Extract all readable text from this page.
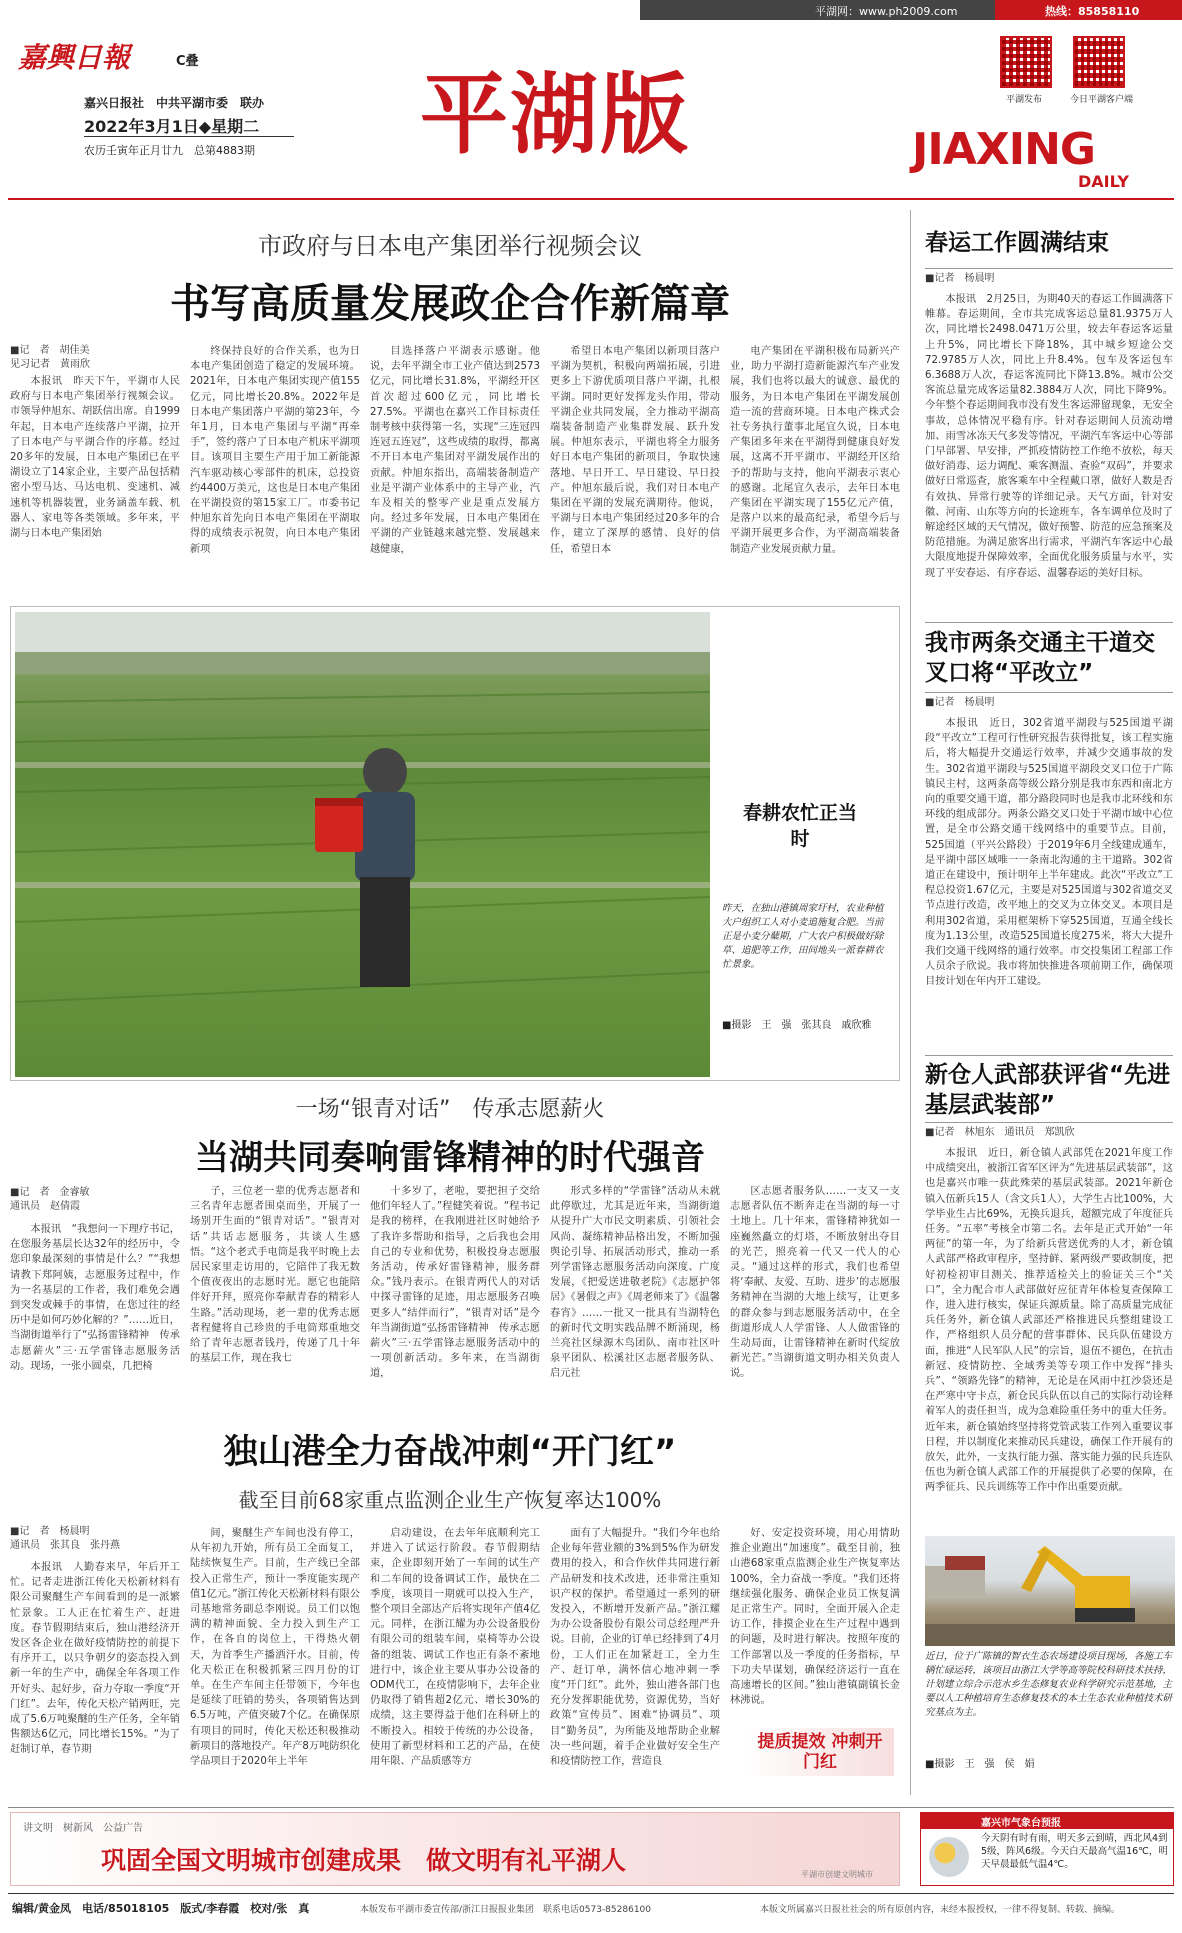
平湖网：www.ph2009.com	热线：85858110
嘉興日報	C叠
嘉兴日报社　中共平湖市委　联办
2022年3月1日◆星期二
农历壬寅年正月廿九　总第4883期 平湖版	平湖发布	今日平湖客户端
JIAXING
DAILY
市政府与日本电产集团举行视频会议
书写高质量发展政企合作新篇章
■记　者　胡佳美
见习记者　黄雨欣

本报讯　昨天下午，平湖市人民政府与日本电产集团举行视频会议。市领导仲旭东、胡跃信出席。自1999年起，日本电产连续落户平湖，拉开了日本电产与平湖合作的序幕。经过20多年的发展，日本电产集团已在平湖设立了14家企业，主要产品包括精密小型马达、马达电机、变速机、减速机等机器装置，业务涵盖车载、机器人、家电等各类领域。多年来，平湖与日本电产集团始

终保持良好的合作关系，也为日本电产集团创造了稳定的发展环境。2021年，日本电产集团实现产值155亿元，同比增长20.8%。2022年是日本电产集团落户平湖的第23年，今年1月，日本电产集团与平湖“再牵手”，签约落户了日本电产机床平湖项目。该项目主要生产用于加工新能源汽车驱动核心零部件的机床，总投资约4400万美元，这也是日本电产集团在平湖投资的第15家工厂。市委书记仲旭东首先向日本电产集团在平湖取得的成绩表示祝贺，向日本电产集团新项

目选择落户平湖表示感谢。他说，去年平湖全市工业产值达到2573亿元，同比增长31.8%，平湖经开区首次超过600亿元，同比增长27.5%。平湖也在嘉兴工作目标责任制考核中获得第一名，实现“三连冠四连冠五连冠”，这些成绩的取得，都离不开日本电产集团对平湖发展作出的贡献。仲旭东指出，高端装备制造产业是平湖产业体系中的主导产业，汽车及相关的整零产业是重点发展方向。经过多年发展，日本电产集团在平湖的产业链越来越完整、发展越来越健康，

希望日本电产集团以新项目落户平湖为契机，积极向两端拓展，引进更多上下游优质项目落户平湖，扎根平湖。同时更好发挥龙头作用，带动平湖企业共同发展，全力推动平湖高端装备制造产业集群发展、跃升发展。仲旭东表示，平湖也将全力服务好日本电产集团的新项目，争取快速落地、早日开工、早日建设、早日投产。仲旭东最后说，我们对日本电产集团在平湖的发展充满期待。他说，平湖与日本电产集团经过20多年的合作，建立了深厚的感情、良好的信任，希望日本

电产集团在平湖积极布局新兴产业，助力平湖打造新能源汽车产业发展，我们也将以最大的诚意、最优的服务，为日本电产集团在平湖发展创造一流的营商环境。日本电产株式会社专务执行董事北尾宜久说，日本电产集团多年来在平湖得到健康良好发展，这离不开平湖市、平湖经开区给予的帮助与支持，他向平湖表示衷心的感谢。北尾宜久表示，去年日本电产集团在平湖实现了155亿元产值，是落户以来的最高纪录，希望今后与平湖开展更多合作，为平湖高端装备制造产业发展贡献力量。

春耕农忙正当时
昨天，在独山港镇周家圩村，农业种植大户组织工人对小麦追施复合肥。当前正是小麦分蘖期，广大农户积极做好除草、追肥等工作，田间地头一派春耕农忙景象。
■摄影　王　强　张其良　戚欣雅
一场“银青对话”　传承志愿薪火
当湖共同奏响雷锋精神的时代强音
■记　者　金睿敏
通讯员　赵倩霞

本报讯　“我想问一下理疗书记，在您服务基层长达32年的经历中，令您印象最深刻的事情是什么？”“我想请教下郑阿姨，志愿服务过程中，作为一名基层的工作者，我们难免会遇到突发或棘手的事情，在您过往的经历中是如何巧妙化解的？”……近日，当湖街道举行了“弘扬雷锋精神　传承志愿薪火”三·五学雷锋志愿服务活动。现场，一张小圆桌，几把椅

子，三位老一辈的优秀志愿者和三名青年志愿者围桌而坐，开展了一场别开生面的“银青对话”。“银青对话”共话志愿服务，共谈人生感悟。“这个老式手电筒是我平时晚上去居民家里走访用的，它陪伴了我无数个值夜夜出的志愿时光。愿它也能陪伴好开拜，照亮你奉献青春的精彩人生路。”活动现场，老一辈的优秀志愿者程健将自己珍贵的手电筒郑重地交给了青年志愿者钱丹，传递了几十年的基层工作，现在我七

十多岁了，老啦，要把担子交给他们年轻人了。”程健笑着说。“程书记是我的榜样，在我刚进社区时她给予了我许多帮助和指导，之后我也会用自己的专业和优势，积极投身志愿服务活动，传承好雷锋精神，服务群众。”钱丹表示。在银青两代人的对话中探寻雷锋的足迹，用志愿服务召唤更多人“结伴而行”，“银青对话”是今年当湖街道“弘扬雷锋精神　传承志愿薪火”三·五学雷锋志愿服务活动中的一项创新活动。多年来，在当湖街道，

形式多样的“学雷锋”活动从未就此停歇过，尤其是近年来，当湖街道从提升广大市民文明素质、引领社会风尚、凝练精神品格出发，不断加强舆论引导、拓展活动形式，推动一系列学雷锋志愿服务活动向深度、广度发展，《把爱送进敬老院》《志愿护邻居》《暑假之声》《周老师来了》《温馨春宵》……一批又一批具有当湖特色的新时代文明实践品牌不断涌现，杨兰亮社区绿源木鸟团队、南市社区叶泉平团队、松溪社区志愿者服务队、启元社

区志愿者服务队……一支又一支志愿者队伍不断奔走在当湖的每一寸土地上。几十年来，雷锋精神犹如一座巍然矗立的灯塔，不断放射出夺目的光芒，照亮着一代又一代人的心灵。“通过这样的形式，我们也希望将‘奉献、友爱、互助、进步’的志愿服务精神在当湖的大地上续写，让更多的群众参与到志愿服务活动中，在全街道形成人人学雷锋、人人做雷锋的生动局面，让雷锋精神在新时代绽放新光芒。”当湖街道文明办相关负责人说。

独山港全力奋战冲刺“开门红”
截至目前68家重点监测企业生产恢复率达100%
■记　者　杨晨明
通讯员　张其良　张丹燕

本报讯　人勤春来早，年后开工忙。记者走进浙江传化天松新材料有限公司聚醚生产车间看到的是一派繁忙景象。工人正在忙着生产、赶进度。春节假期结束后，独山港经济开发区各企业在做好疫情防控的前提下有序开工，以只争朝夕的姿态投入到新一年的生产中，确保全年各项工作开好头、起好步，奋力夺取一季度“开门红”。去年，传化天松产销两旺，完成了5.6万吨聚醚的生产任务，全年销售额达6亿元，同比增长15%。“为了赶制订单，春节期

间，聚醚生产车间也没有停工，从年初九开始，所有员工全面复工，陆续恢复生产。目前，生产线已全部投入正常生产，预计一季度能实现产值1亿元。”浙江传化天松新材料有限公司基地常务副总李刚说。员工们以饱满的精神面貌、全力投入到生产工作，在各自的岗位上，干得热火朝天，为首季生产播洒汗水。目前，传化天松正在积极抓紧三四月份的订单。在生产车间主任带领下，今年也是延续了旺销的势头，各项销售达到6.5万吨，产值突破7个亿。在确保原有项目的同时，传化天松还积极推动新项目的落地投产。年产8万吨防织化学品项目于2020年上半年

启动建设，在去年年底顺利完工并进入了试运行阶段。春节假期结束，企业即刻开始了一车间的试生产和二车间的设备调试工作，最快在二季度，该项目一期就可以投入生产，整个项目全部达产后将实现年产值4亿元。同样，在浙江耀为办公设备股份有限公司的组装车间，桌椅等办公设备的组装、调试工作也正有条不紊地进行中，该企业主要从事办公设备的ODM代工，在疫情影响下，去年企业仍取得了销售超2亿元、增长30%的成绩，这主要得益于他们在科研上的不断投入。相较于传统的办公设备，使用了新型材料和工艺的产品，在使用年限、产品质感等方

面有了大幅提升。“我们今年也给企业每年营业额的3%到5%作为研发费用的投入，和合作伙伴共同进行新产品研发和技术改进，还非常注重知识产权的保护。希望通过一系列的研发投入，不断增开发新产品。”浙江耀为办公设备股份有限公司总经理严升说。目前，企业的订单已经排到了4月份，工人们正在加紧赶工，全力生产、赶订单，满怀信心地冲刺一季度“开门红”。此外，独山港各部门也充分发挥职能优势，资源优势，当好政策“宣传员”、困难“协调员”、项目“勤务员”，为所能及地帮助企业解决一些问题，着手企业做好安全生产和疫情防控工作，营造良

好、安定投资环境，用心用情助推企业跑出“加速度”。截至目前，独山港68家重点监测企业生产恢复率达100%，全力奋战一季度。“我们还将继续强化服务、确保企业员工恢复满足正常生产。同时，全面开展入企走访工作，排摸企业在生产过程中遇到的问题，及时进行解决。按照年度的工作部署以及一季度的任务指标，早下功夫早谋划，确保经济运行一直在高速增长的区间。”独山港镇副镇长金林沸说。

提质提效 冲刺开门红
春运工作圆满结束
■记者　杨晨明

本报讯　2月25日，为期40天的春运工作圆满落下帷幕。春运期间，全市共完成客运总量81.9375万人次，同比增长2498.0471万公里，较去年春运客运量上升5%，同比增长下降18%，其中城乡短途公交72.9785万人次，同比上升8.4%。包车及客运包车6.3688万人次，春运客流同比下降13.8%。城市公交客流总量完成客运量82.3884万人次，同比下降9%。今年整个春运期间我市没有发生客运滞留现象，无安全事故，总体情况平稳有序。针对春运期间人员流动增加、雨雪冰冻天气多发等情况，平湖汽车客运中心等部门早部署、早安排，严抓疫情防控工作绝不放松，每天做好消毒、运力调配、乘客测温、查验“双码”，并要求做好日常巡查，旅客乘车中全程戴口罩，做好人数是否有效执、异常行驶等的详细记录。天气方面，针对安徽、河南、山东等方向的长途班车，各车调单位及时了解途经区域的天气情况，做好预警、防范的应急预案及防范措施。为满足旅客出行需求，平湖汽车客运中心最大限度地提升保障效率，全面优化服务质量与水平，实现了平安春运、有序春运、温馨春运的美好目标。

我市两条交通主干道交叉口将“平改立”
■记者　杨晨明

本报讯　近日，302省道平湖段与525国道平湖段“平改立”工程可行性研究报告获得批复，该工程实施后，将大幅提升交通运行效率，并减少交通事故的发生。302省道平湖段与525国道平湖段交叉口位于广陈镇民主村，这两条高等级公路分别是我市东西和南北方向的重要交通干道，都分路段同时也是我市北环线和东环线的组成部分。两条公路交叉口处于平湖市域中心位置，是全市公路交通干线网络中的重要节点。目前，525国道（平兴公路段）于2019年6月全线建成通车，是平湖中部区域唯一一条南北沟通的主干道路。302省道正在建设中，预计明年上半年建成。此次“平改立”工程总投资1.67亿元，主要是对525国道与302省道交叉节点进行改造，改平地上的交叉为立体交叉。本项目是利用302省道，采用框架桥下穿525国道，互通全线长度为1.13公里，改造525国道长度275米，将大大提升我们交通干线网络的通行效率。市交投集团工程部工作人员余子欣说。我市将加快推进各项前期工作，确保项目按计划在年内开工建设。

新仓人武部获评省“先进基层武装部”
■记者　林旭东　通讯员　郑凯欣

本报讯　近日，新仓镇人武部凭在2021年度工作中成绩突出，被浙江省军区评为“先进基层武装部”，这也是嘉兴市唯一获此殊荣的基层武装部。2021年新仓镇入伍新兵15人（含文兵1人），大学生占比100%，大学毕业生占比69%，无换兵退兵，超额完成了年度征兵任务。“五率”考核全市第二名。去年是正式开始“一年两征”的第一年，为了给新兵营送优秀的人才，新仓镇人武部严格政审程序，坚持鲜、紧两级严要政制度，把好初检初审目测关、推荐适检关上的验证关三个“关口”，全力配合市人武部做好应征青年体检复查保障工作，进入进行核实，保证兵源质量。除了高质量完成征兵任务外，新仓镇人武部还严格推进民兵整组建设工作，严格组织人员分配的营事群体、民兵队伍建设方面，推进“人民军队人民”的宗旨，退伍不褪色，在抗击新冠、疫情防控、全域秀美等专项工作中发挥“排头兵”、“领路先锋”的精神，无论是在风雨中扛沙袋还是在严寒中守卡点，新仓民兵队伍以自己的实际行动诠释着军人的责任担当，成为急难险重任务中的重大任务。近年来，新仓镇始终坚持将党管武装工作列入重要议事日程，并以制度化来推动民兵建设，确保工作开展有的放矢，此外，一支执行能力强、落实能力强的民兵连队伍也为新仓镇人武部工作的开展提供了必要的保障，在两季征兵、民兵训练等工作中作出重要贡献。

近日，位于广陈镇的智衣生态农场建设项目现场，各施工车辆忙碌运转，该项目由浙江大学等高等院校科研技术扶持，计划建立综合示范水乡生态修复农业科学研究示范基地，主要以人工种植培育生态修复技术的本土生态农业种植技术研究基点为主。
■摄影　王　强　侯　娟
讲文明　树新风　公益广告
巩固全国文明城市创建成果　做文明有礼平湖人	平湖市创建文明城市
嘉兴市气象台预报
今天阴有时有雨，明天多云到晴，西北风4到5级，阵风6级。今天白天最高气温16℃，明天早晨最低气温4℃。
编辑/黄金凤　电话/85018105　版式/李春霞　校对/张　真	本版发布平湖市委宣传部/浙江日报报业集团　联系电话0573-85286100	本版文所属嘉兴日报社社会的所有原创内容，未经本报授权，一律不得复制、转载、摘编。
